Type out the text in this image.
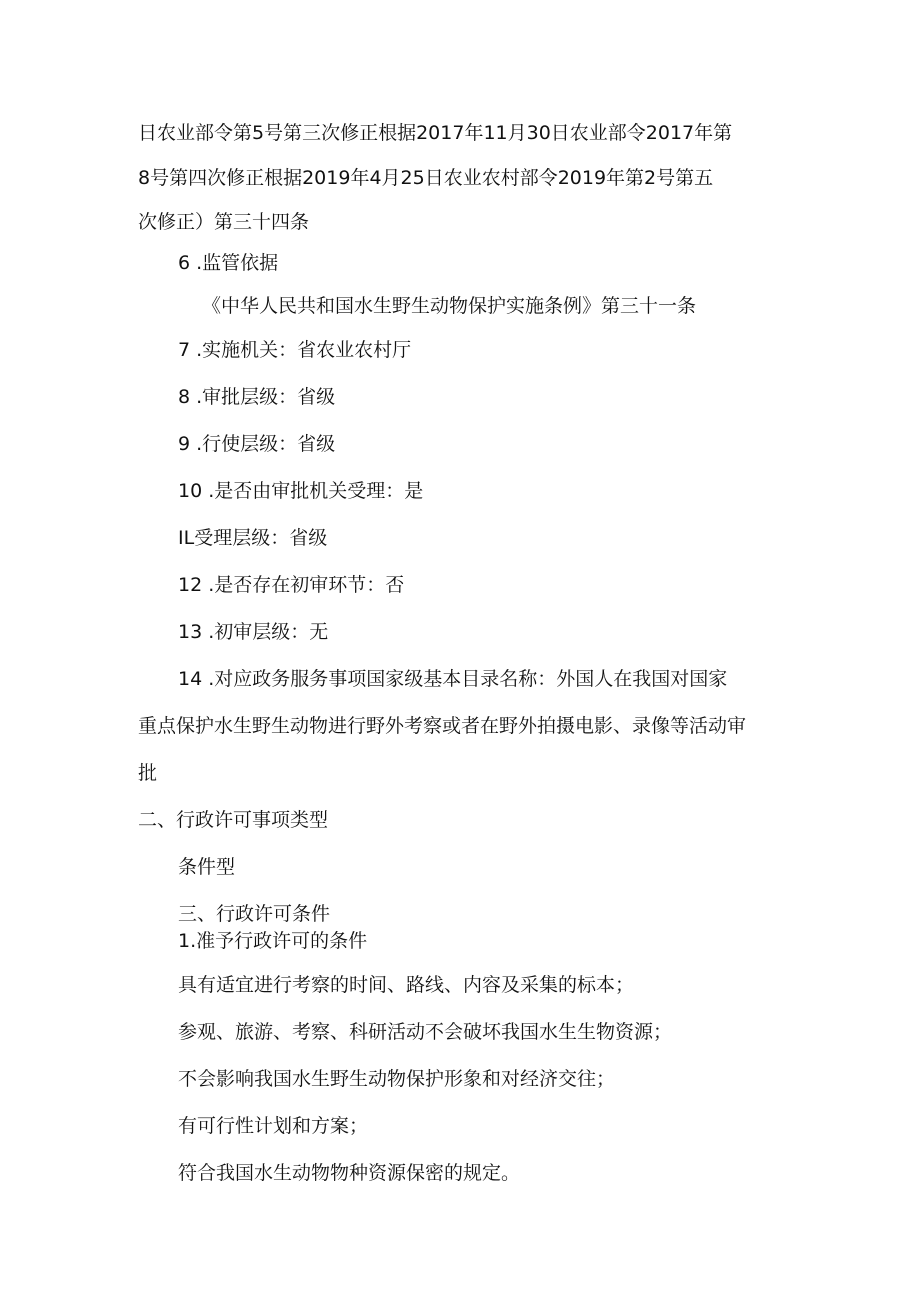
日农业部令第5号第三次修正根据2017年11月30日农业部令2017年第
8号第四次修正根据2019年4月25日农业农村部令2019年第2号第五
次修正）第三十四条
6 .监管依据
《中华人民共和国水生野生动物保护实施条例》第三十一条
7 .实施机关：省农业农村厅
8 .审批层级：省级
9 .行使层级：省级
10 .是否由审批机关受理：是
IL受理层级：省级
12 .是否存在初审环节：否
13 .初审层级：无
14 .对应政务服务事项国家级基本目录名称：外国人在我国对国家
重点保护水生野生动物进行野外考察或者在野外拍摄电影、录像等活动审
批
二、行政许可事项类型
条件型
三、行政许可条件
1.准予行政许可的条件
具有适宜进行考察的时间、路线、内容及采集的标本；
参观、旅游、考察、科研活动不会破坏我国水生生物资源；
不会影响我国水生野生动物保护形象和对经济交往；
有可行性计划和方案；
符合我国水生动物物种资源保密的规定。
